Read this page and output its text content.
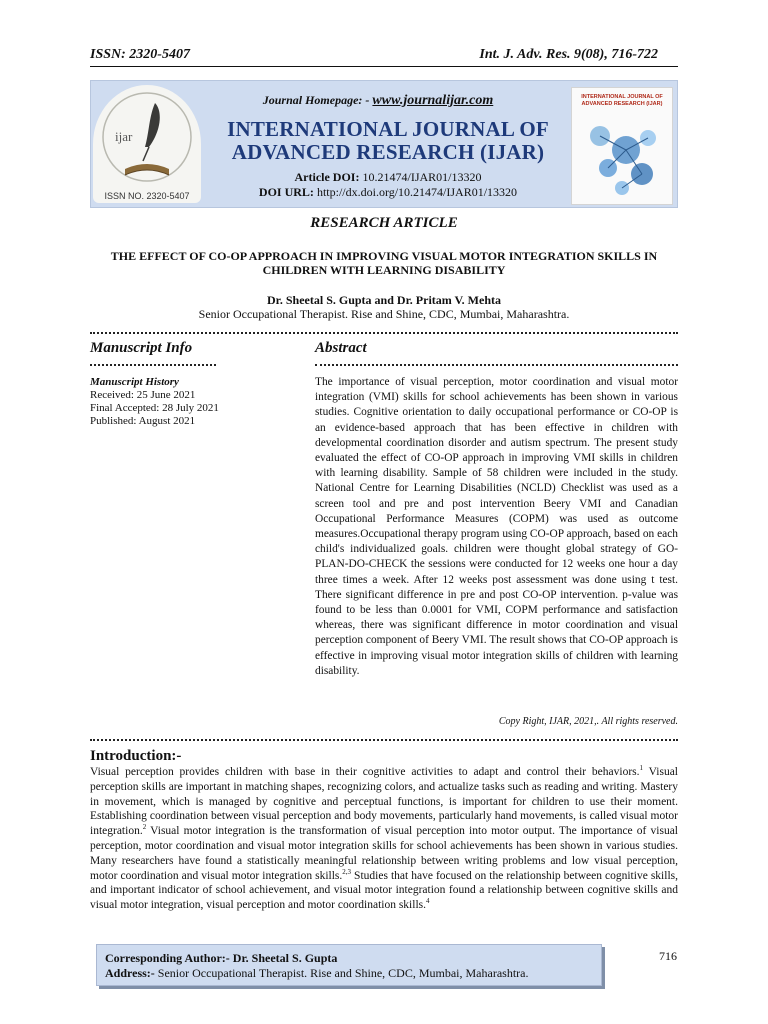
ISSN: 2320-5407	Int. J. Adv. Res. 9(08), 716-722
ijar
ISSN NO. 2320-5407
INTERNATIONAL JOURNAL OF ADVANCED RESEARCH (IJAR)
Journal Homepage: - www.journalijar.com
INTERNATIONAL JOURNAL OF
ADVANCED RESEARCH (IJAR)
Article DOI: 10.21474/IJAR01/13320
DOI URL: http://dx.doi.org/10.21474/IJAR01/13320
RESEARCH ARTICLE
THE EFFECT OF CO-OP APPROACH IN IMPROVING VISUAL MOTOR INTEGRATION SKILLS IN
CHILDREN WITH LEARNING DISABILITY
Dr. Sheetal S. Gupta and Dr. Pritam V. Mehta
Senior Occupational Therapist. Rise and Shine, CDC, Mumbai, Maharashtra.
Manuscript Info	Abstract
Manuscript History
Received: 25 June 2021
Final Accepted: 28 July 2021
Published: August 2021
The importance of visual perception, motor coordination and visual motor integration (VMI) skills for school achievements has been shown in various studies. Cognitive orientation to daily occupational performance or CO-OP is an evidence-based approach that has been effective in children with developmental coordination disorder and autism spectrum. The present study evaluated the effect of CO-OP approach in improving VMI skills in children with learning disability. Sample of 58 children were included in the study. National Centre for Learning Disabilities (NCLD) Checklist was used as a screen tool and pre and post intervention Beery VMI and Canadian Occupational Performance Measures (COPM) was used as outcome measures.Occupational therapy program using CO-OP approach, based on each child's individualized goals. children were thought global strategy of GO-PLAN-DO-CHECK the sessions were conducted for 12 weeks one hour a day three times a week. After 12 weeks post assessment was done using t test. There significant difference in pre and post CO-OP intervention. p-value was found to be less than 0.0001 for VMI, COPM performance and satisfaction whereas, there was significant difference in motor coordination and visual perception component of Beery VMI. The result shows that CO-OP approach is effective in improving visual motor integration skills of children with learning disability.
Copy Right, IJAR, 2021,. All rights reserved.
Introduction:-
Visual perception provides children with base in their cognitive activities to adapt and control their behaviors.$^1$ Visual perception skills are important in matching shapes, recognizing colors, and actualize tasks such as reading and writing. Mastery in movement, which is managed by cognitive and perceptual functions, is important for children to use their moment. Establishing coordination between visual perception and body movements, particularly hand movements, is called visual motor integration.$^2$ Visual motor integration is the transformation of visual perception into motor output. The importance of visual perception, motor coordination and visual motor integration skills for school achievements has been shown in various studies. Many researchers have found a statistically meaningful relationship between writing problems and low visual perception, motor coordination and visual motor integration skills.$^{2,3}$ Studies that have focused on the relationship between cognitive skills, and important indicator of school achievement, and visual motor integration found a relationship between cognitive skills and visual motor integration, visual perception and motor coordination skills.$^4$
Corresponding Author:- Dr. Sheetal S. Gupta
Address:- Senior Occupational Therapist. Rise and Shine, CDC, Mumbai, Maharashtra.
716
